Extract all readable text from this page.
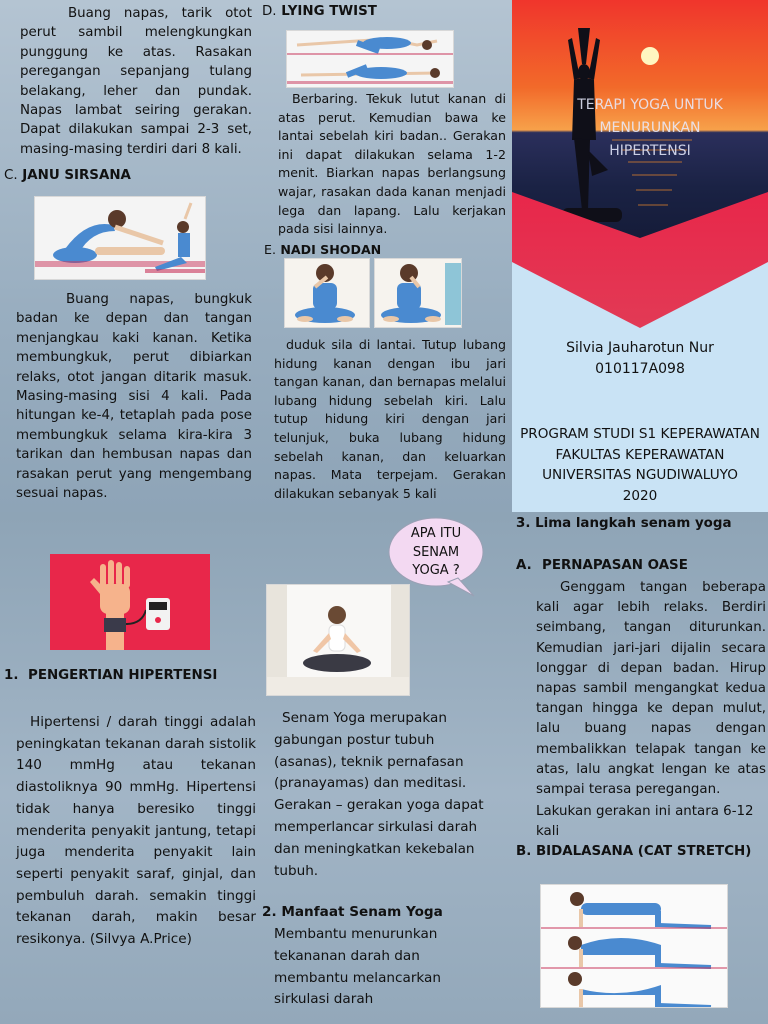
Buang napas, tarik otot perut sambil melengkungkan punggung ke atas. Rasakan peregangan sepanjang tulang belakang, leher dan pundak. Napas lambat seiring gerakan. Dapat dilakukan sampai 2-3 set, masing-masing terdiri dari 8 kali.

C. JANU SIRSANA

Buang napas, bungkuk badan ke depan dan tangan menjangkau kaki kanan. Ketika membungkuk, perut dibiarkan relaks, otot jangan ditarik masuk. Masing-masing sisi 4 kali. Pada hitungan ke-4, tetaplah pada pose membungkuk selama kira-kira 3 tarikan dan hembusan napas dan rasakan perut yang mengembang sesuai napas.

D. LYING TWIST

Berbaring. Tekuk lutut kanan di atas perut. Kemudian bawa ke lantai sebelah kiri badan.. Gerakan ini dapat dilakukan selama 1-2 menit. Biarkan napas berlangsung wajar, rasakan dada kanan menjadi lega dan lapang. Lalu kerjakan pada sisi lainnya.

E. NADI SHODAN

duduk sila di lantai. Tutup lubang hidung kanan dengan ibu jari tangan kanan, dan bernapas melalui lubang hidung sebelah kiri. Lalu tutup hidung kiri dengan jari telunjuk, buka lubang hidung sebelah kanan, dan keluarkan napas. Mata terpejam. Gerakan dilakukan sebanyak 5 kali

TERAPI YOGA UNTUK
MENURUNKAN
HIPERTENSI
Silvia Jauharotun Nur
010117A098
PROGRAM STUDI S1 KEPERAWATAN
FAKULTAS KEPERAWATAN
UNIVERSITAS NGUDIWALUYO
2020
1. PENGERTIAN HIPERTENSI

Hipertensi / darah tinggi adalah peningkatan tekanan darah sistolik 140 mmHg atau tekanan diastoliknya 90 mmHg. Hipertensi tidak hanya beresiko tinggi menderita penyakit jantung, tetapi juga menderita penyakit lain seperti penyakit saraf, ginjal, dan pembuluh darah. semakin tinggi tekanan darah, makin besar resikonya. (Silvya A.Price)

APA ITU
SENAM
YOGA ?

Senam Yoga merupakan gabungan postur tubuh (asanas), teknik pernafasan (pranayamas) dan meditasi. Gerakan – gerakan yoga dapat memperlancar sirkulasi darah dan meningkatkan kekebalan tubuh.

2. Manfaat Senam Yoga

Membantu menurunkan tekananan darah dan membantu melancarkan sirkulasi darah

3. Lima langkah senam yoga
A. PERNAPASAN OASE

Genggam tangan beberapa kali agar lebih relaks. Berdiri seimbang, tangan diturunkan. Kemudian jari-jari dijalin secara longgar di depan badan. Hirup napas sambil mengangkat kedua tangan hingga ke depan mulut, lalu buang napas dengan membalikkan telapak tangan ke atas, lalu angkat lengan ke atas sampai terasa peregangan.

Lakukan gerakan ini antara 6-12 kali

B. BIDALASANA (CAT STRETCH)
